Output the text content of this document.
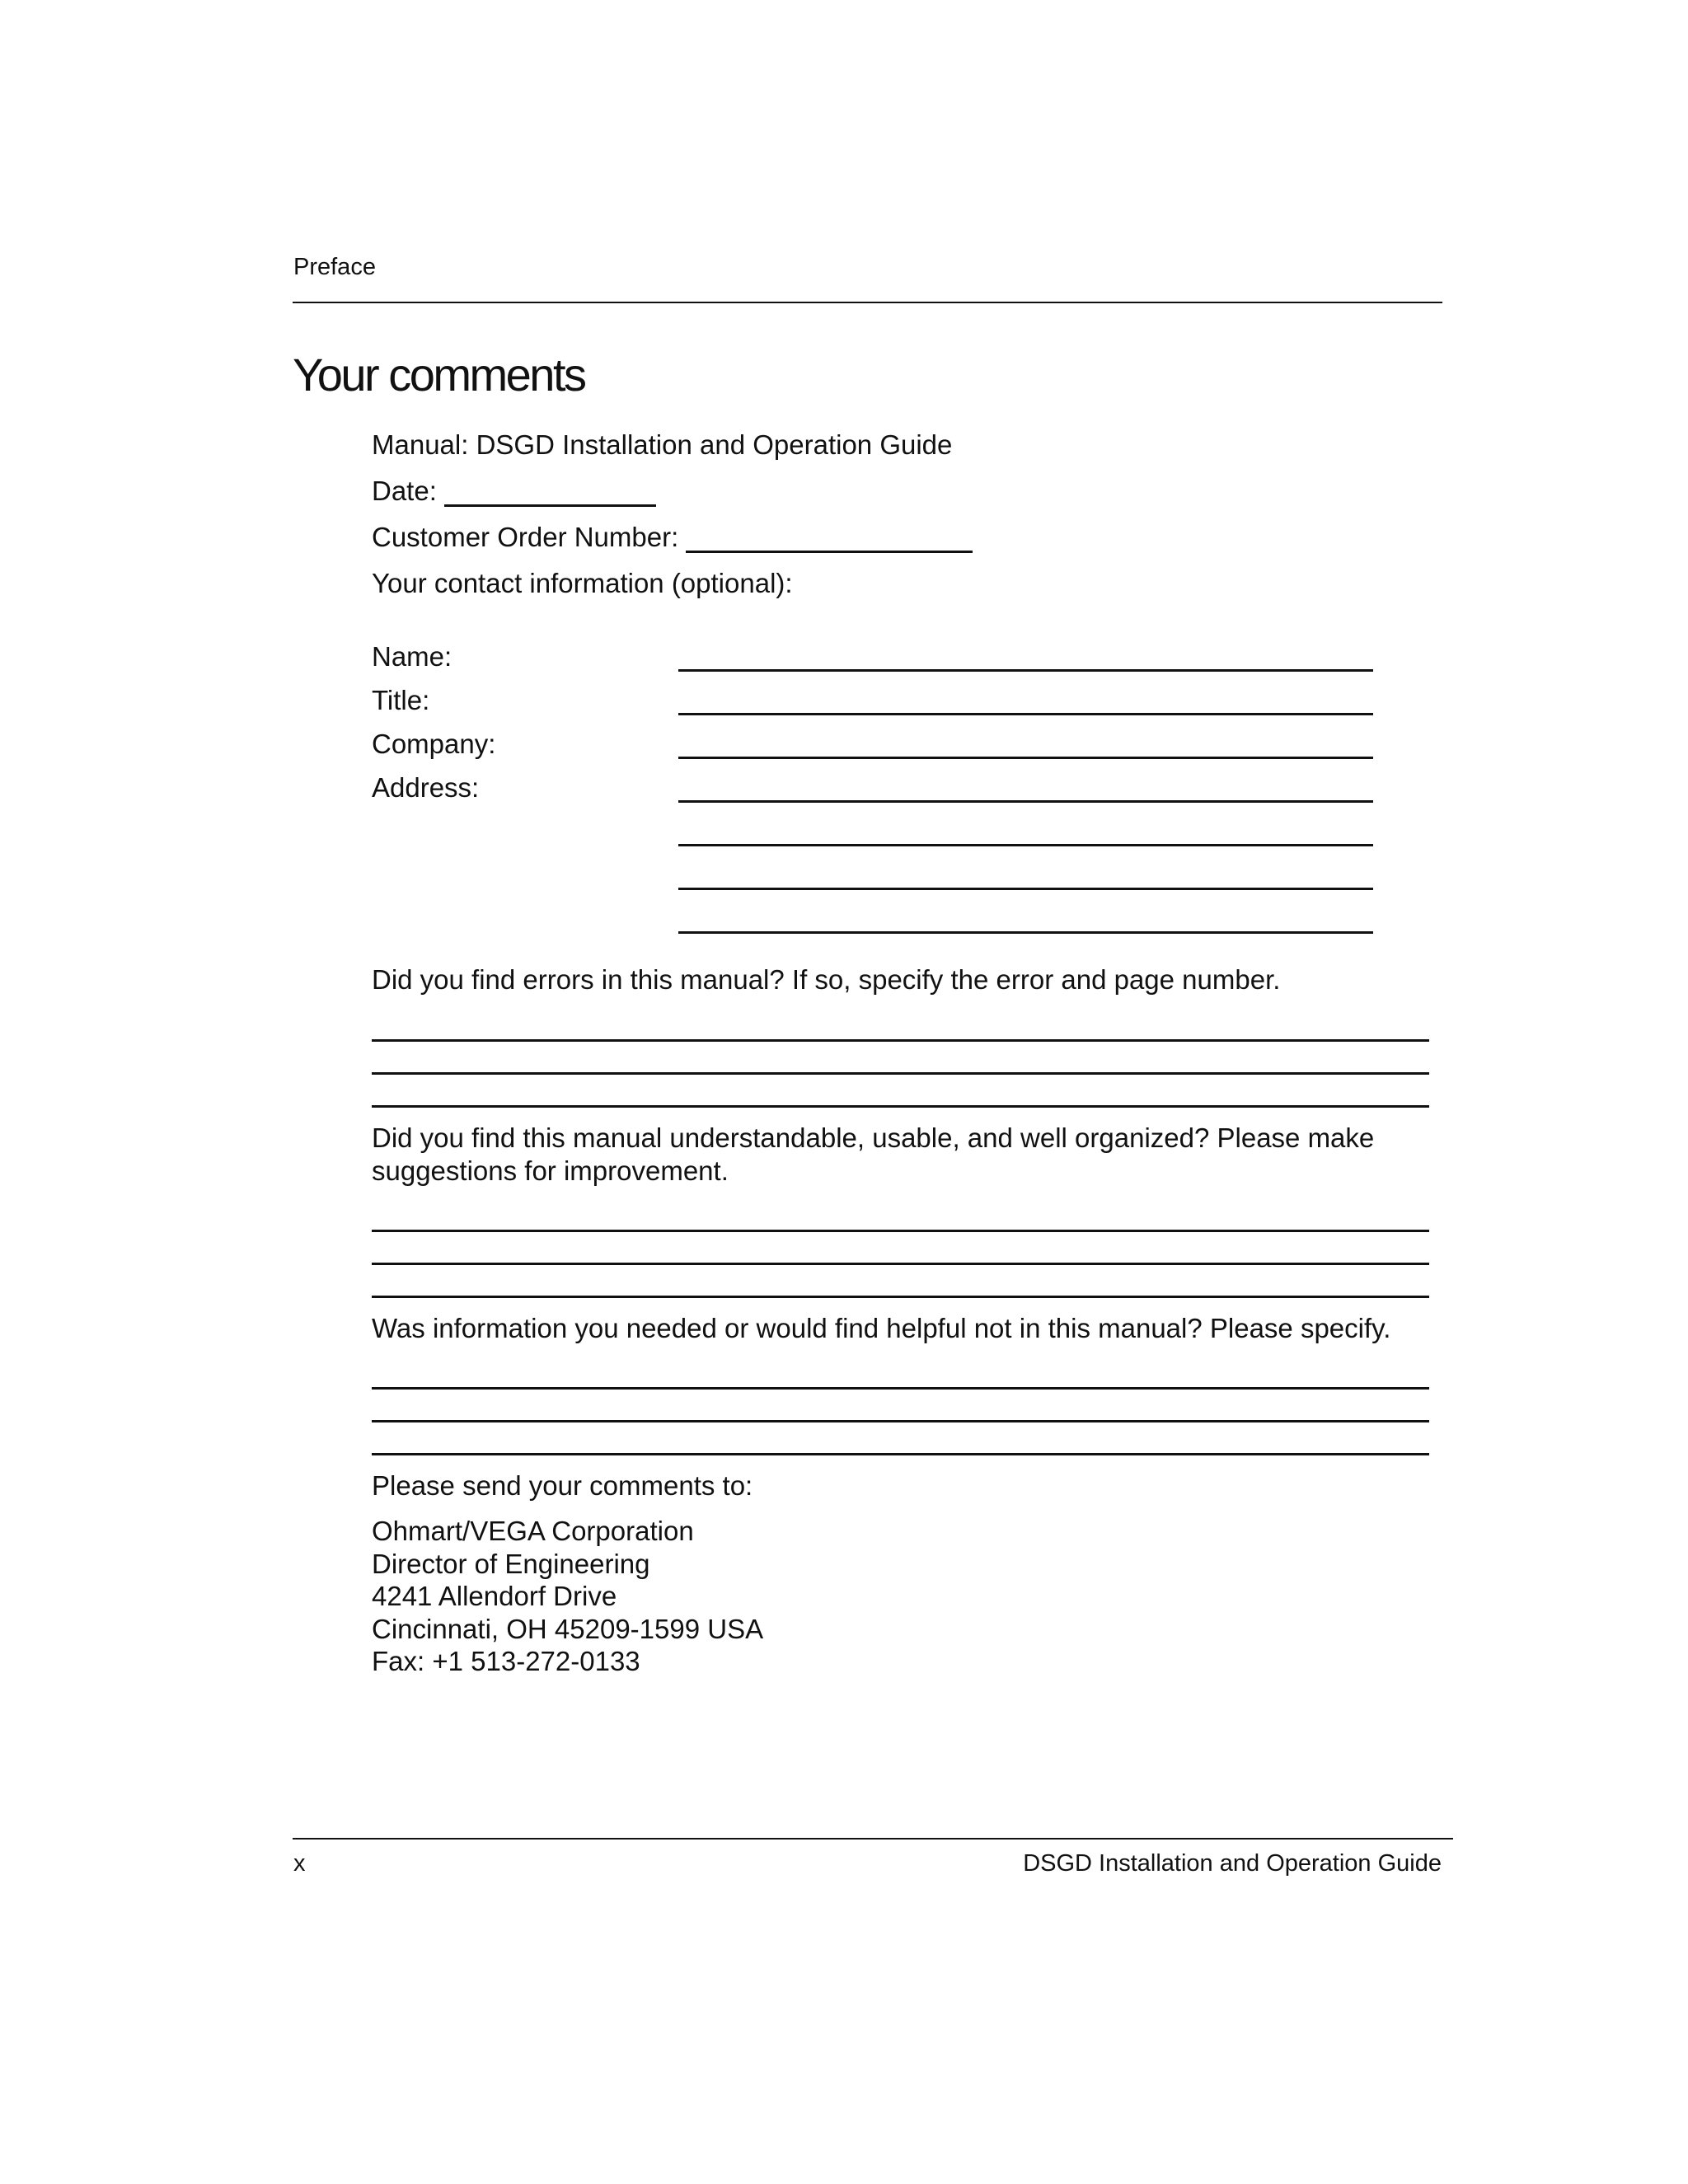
Preface
Your comments
Manual: DSGD Installation and Operation Guide
Date:
Customer Order Number:
Your contact information (optional):
Name:
Title:
Company:
Address:
Did you find errors in this manual? If so, specify the error and page number.
Did you find this manual understandable, usable, and well organized? Please make
suggestions for improvement.
Was information you needed or would find helpful not in this manual? Please specify.
Please send your comments to:
Ohmart/VEGA Corporation
Director of Engineering
4241 Allendorf Drive
Cincinnati, OH 45209-1599 USA
Fax: +1 513-272-0133
x	DSGD Installation and Operation Guide
